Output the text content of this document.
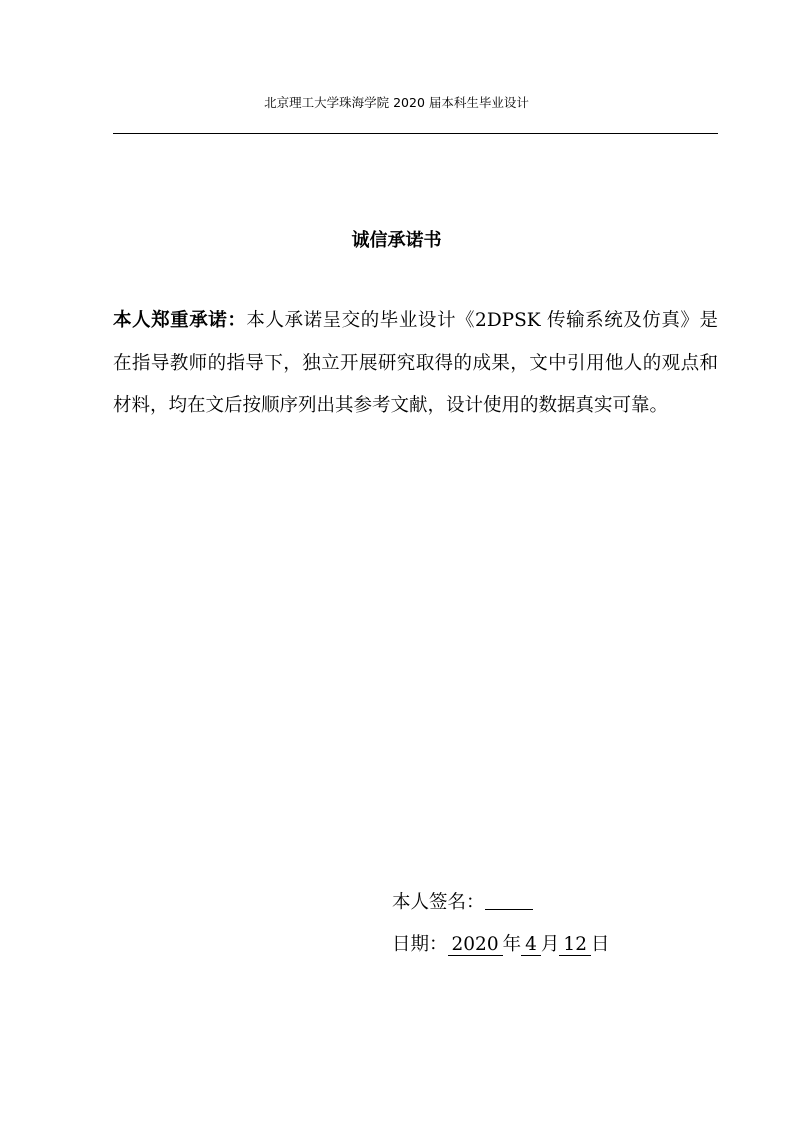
北京理工大学珠海学院 2020 届本科生毕业设计
诚信承诺书

本人郑重承诺：本人承诺呈交的毕业设计《2DPSK 传输系统及仿真》是在指导教师的指导下，独立开展研究取得的成果，文中引用他人的观点和材料，均在文后按顺序列出其参考文献，设计使用的数据真实可靠。

本人签名：
日期： 2020 年 4 月 12 日
